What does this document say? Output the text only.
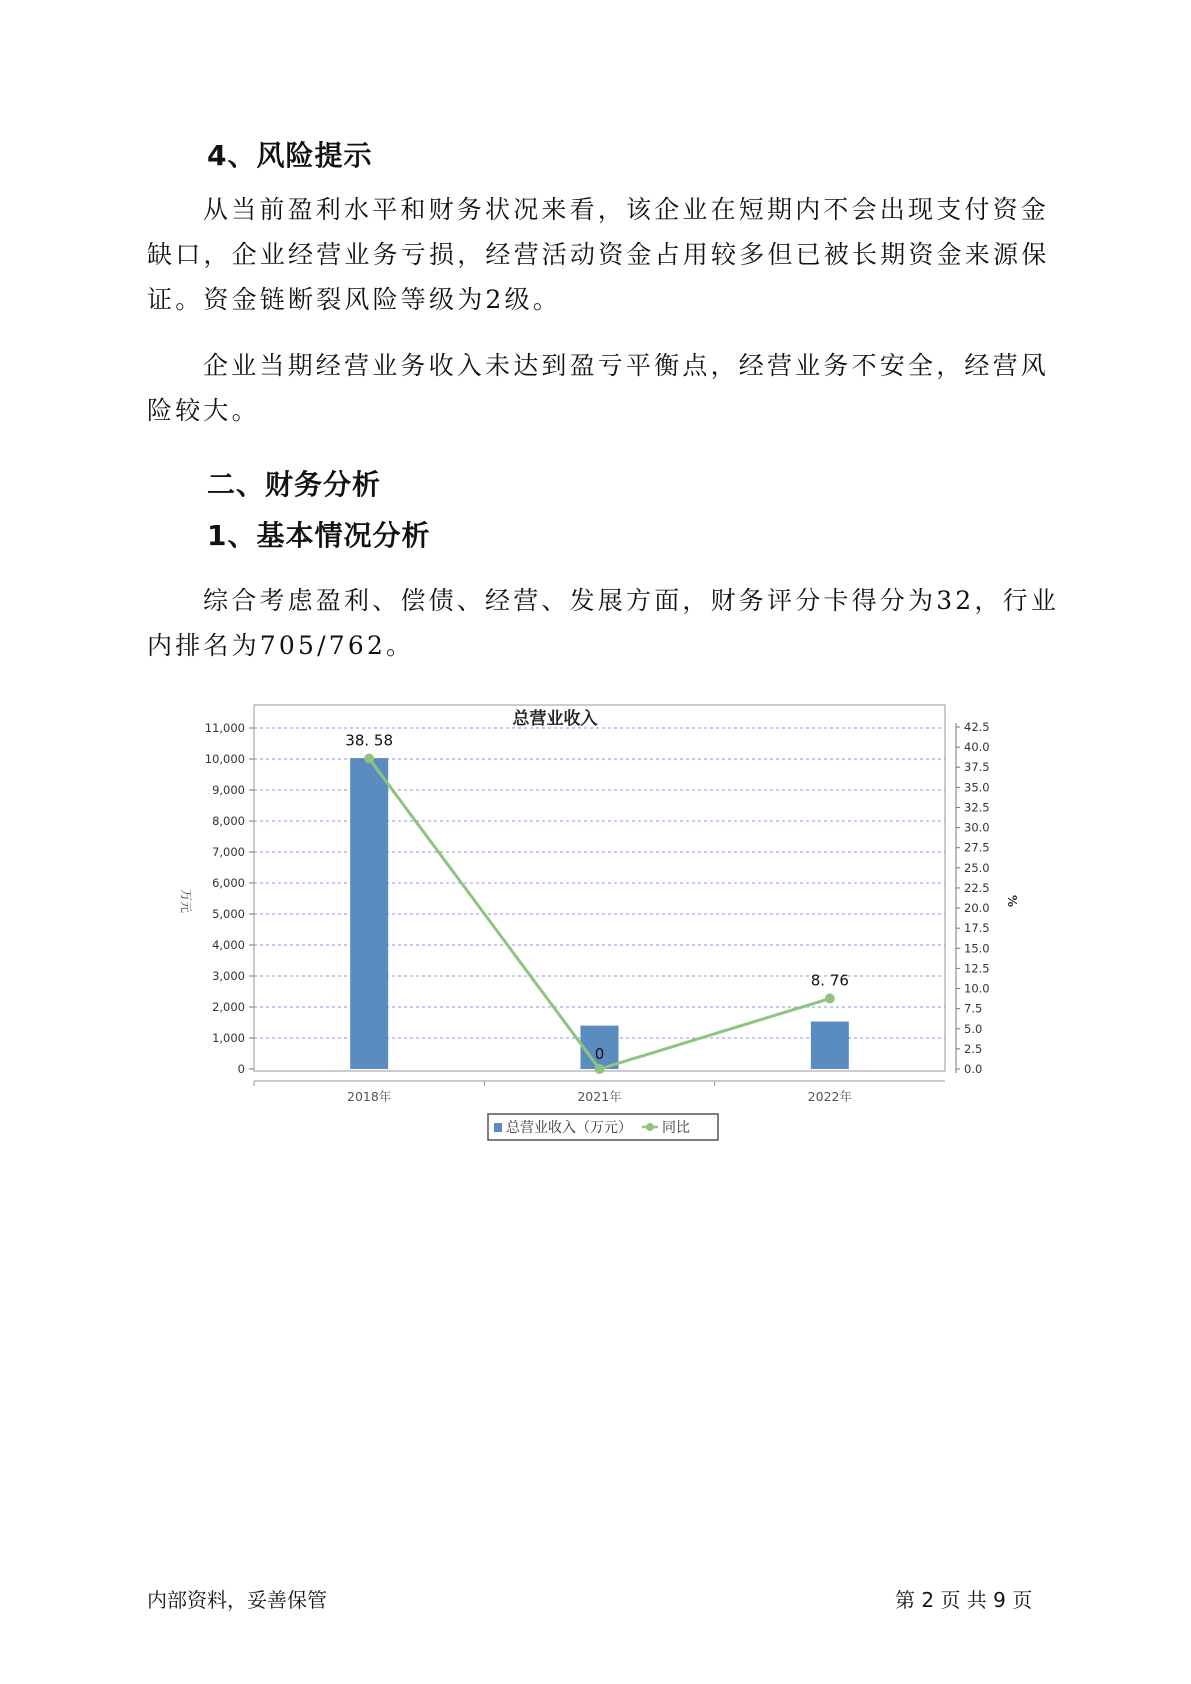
4、风险提示
从当前盈利水平和财务状况来看，该企业在短期内不会出现支付资金
缺口，企业经营业务亏损，经营活动资金占用较多但已被长期资金来源保
证。资金链断裂风险等级为2级。
企业当期经营业务收入未达到盈亏平衡点，经营业务不安全，经营风
险较大。
二、财务分析
1、基本情况分析
综合考虑盈利、偿债、经营、发展方面，财务评分卡得分为32，行业
内排名为705/762。
总营业收入
0
1,000
2,000
3,000
4,000
5,000
6,000
7,000
8,000
9,000
10,000
11,000
万元
0.0
2.5
5.0
7.5
10.0
12.5
15.0
17.5
20.0
22.5
25.0
27.5
30.0
32.5
35.0
37.5
40.0
42.5
%
2018年	2021年	2022年
38. 58
0
8. 76
总营业收入（万元） 同比
内部资料，妥善保管	第 2 页 共 9 页
